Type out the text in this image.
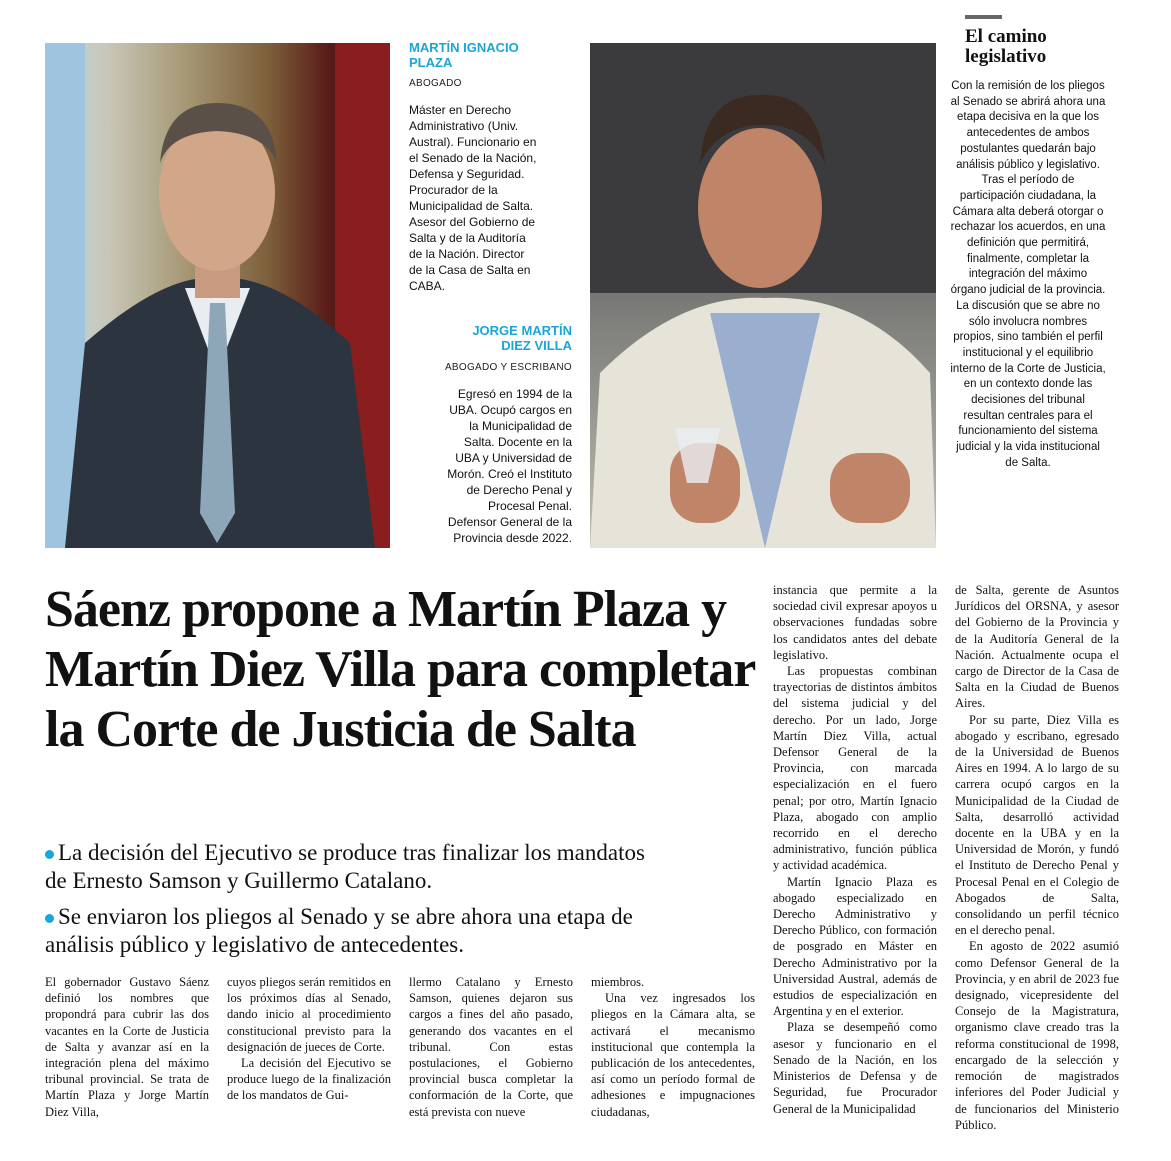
MARTÍN IGNACIO PLAZA
ABOGADO
Máster en Derecho Administrativo (Univ. Austral). Funcionario en el Senado de la Nación, Defensa y Seguridad. Procurador de la Municipalidad de Salta. Asesor del Gobierno de Salta y de la Auditoría de la Nación. Director de la Casa de Salta en CABA.
JORGE MARTÍN DIEZ VILLA
ABOGADO Y ESCRIBANO
Egresó en 1994 de la UBA. Ocupó cargos en la Municipalidad de Salta. Docente en la UBA y Universidad de Morón. Creó el Instituto de Derecho Penal y Procesal Penal. Defensor General de la Provincia desde 2022.
El camino legislativo
Con la remisión de los pliegos al Senado se abrirá ahora una etapa decisiva en la que los antecedentes de ambos postulantes quedarán bajo análisis público y legislativo. Tras el período de participación ciudadana, la Cámara alta deberá otorgar o rechazar los acuerdos, en una definición que permitirá, finalmente, completar la integración del máximo órgano judicial de la provincia. La discusión que se abre no sólo involucra nombres propios, sino también el perfil institucional y el equilibrio interno de la Corte de Justicia, en un contexto donde las decisiones del tribunal resultan centrales para el funcionamiento del sistema judicial y la vida institucional de Salta.
Sáenz propone a Martín Plaza y Martín Diez Villa para completar la Corte de Justicia de Salta
La decisión del Ejecutivo se produce tras finalizar los mandatos de Ernesto Samson y Guillermo Catalano.
Se enviaron los pliegos al Senado y se abre ahora una etapa de análisis público y legislativo de antecedentes.

El gobernador Gustavo Sáenz definió los nombres que propondrá para cubrir las dos vacantes en la Corte de Justicia de Salta y avanzar así en la integración plena del máximo tribunal provincial. Se trata de Martín Plaza y Jorge Martín Diez Villa,

cuyos pliegos serán remitidos en los próximos días al Senado, dando inicio al procedimiento constitucional previsto para la designación de jueces de Corte.

La decisión del Ejecutivo se produce luego de la finalización de los mandatos de Gui-

llermo Catalano y Ernesto Samson, quienes dejaron sus cargos a fines del año pasado, generando dos vacantes en el tribunal. Con estas postulaciones, el Gobierno provincial busca completar la conformación de la Corte, que está prevista con nueve

miembros.

Una vez ingresados los pliegos en la Cámara alta, se activará el mecanismo institucional que contempla la publicación de los antecedentes, así como un período formal de adhesiones e impugnaciones ciudadanas,

instancia que permite a la sociedad civil expresar apoyos u observaciones fundadas sobre los candidatos antes del debate legislativo.

Las propuestas combinan trayectorias de distintos ámbitos del sistema judicial y del derecho. Por un lado, Jorge Martín Diez Villa, actual Defensor General de la Provincia, con marcada especialización en el fuero penal; por otro, Martín Ignacio Plaza, abogado con amplio recorrido en el derecho administrativo, función pública y actividad académica.

Martín Ignacio Plaza es abogado especializado en Derecho Administrativo y Derecho Público, con formación de posgrado en Máster en Derecho Administrativo por la Universidad Austral, además de estudios de especialización en Argentina y en el exterior.

Plaza se desempeñó como asesor y funcionario en el Senado de la Nación, en los Ministerios de Defensa y de Seguridad, fue Procurador General de la Municipalidad

de Salta, gerente de Asuntos Jurídicos del ORSNA, y asesor del Gobierno de la Provincia y de la Auditoría General de la Nación. Actualmente ocupa el cargo de Director de la Casa de Salta en la Ciudad de Buenos Aires.

Por su parte, Diez Villa es abogado y escribano, egresado de la Universidad de Buenos Aires en 1994. A lo largo de su carrera ocupó cargos en la Municipalidad de la Ciudad de Salta, desarrolló actividad docente en la UBA y en la Universidad de Morón, y fundó el Instituto de Derecho Penal y Procesal Penal en el Colegio de Abogados de Salta, consolidando un perfil técnico en el derecho penal.

En agosto de 2022 asumió como Defensor General de la Provincia, y en abril de 2023 fue designado, vicepresidente del Consejo de la Magistratura, organismo clave creado tras la reforma constitucional de 1998, encargado de la selección y remoción de magistrados inferiores del Poder Judicial y de funcionarios del Ministerio Público.
